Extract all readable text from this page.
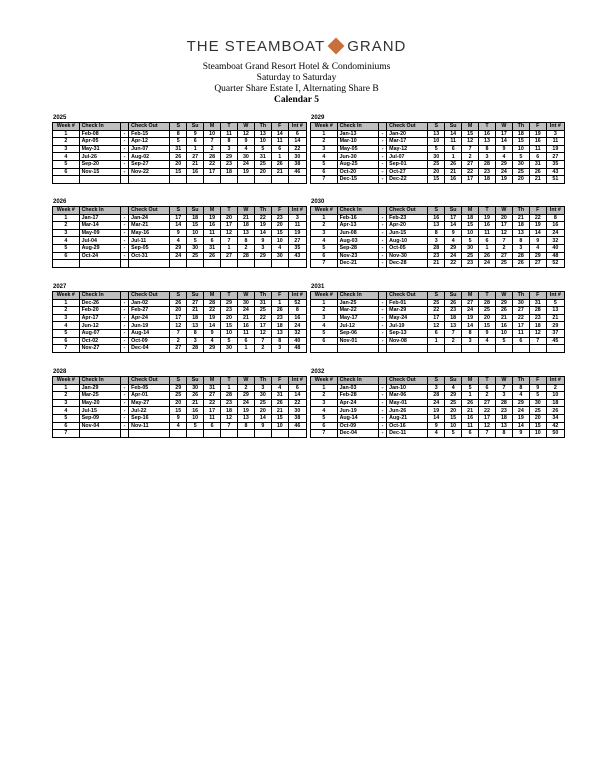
THE STEAMBOAT GRAND
Steamboat Grand Resort Hotel & Condominiums
Saturday to Saturday
Quarter Share Estate I, Alternating Share B
Calendar 5
2025
Week #	Check In		Check Out	S	Su	M	T	W	Th	F	Int #
1	Feb-08	-	Feb-15	8	9	10	11	12	13	14	6
2	Apr-05	-	Apr-12	5	6	7	8	9	10	11	14
3	May-31	-	Jun-07	31	1	2	3	4	5	6	22
4	Jul-26	-	Aug-02	26	27	28	29	30	31	1	30
5	Sep-20	-	Sep-27	20	21	22	23	24	25	26	38
6	Nov-15	-	Nov-22	15	16	17	18	19	20	21	46

2029
Week #	Check In		Check Out	S	Su	M	T	W	Th	F	Int #
1	Jan-13	-	Jan-20	13	14	15	16	17	18	19	3
2	Mar-10	-	Mar-17	10	11	12	13	14	15	16	11
3	May-05	-	May-12	5	6	7	8	9	10	11	19
4	Jun-30	-	Jul-07	30	1	2	3	4	5	6	27
5	Aug-25	-	Sep-01	25	26	27	28	29	30	31	35
6	Oct-20	-	Oct-27	20	21	22	23	24	25	26	43
7	Dec-15	-	Dec-22	15	16	17	18	19	20	21	51
2026
Week #	Check In		Check Out	S	Su	M	T	W	Th	F	Int #
1	Jan-17	-	Jan-24	17	18	19	20	21	22	23	3
2	Mar-14	-	Mar-21	14	15	16	17	18	19	20	11
3	May-09	-	May-16	9	10	11	12	13	14	15	19
4	Jul-04	-	Jul-11	4	5	6	7	8	9	10	27
5	Aug-29	-	Sep-05	29	30	31	1	2	3	4	35
6	Oct-24	-	Oct-31	24	25	26	27	28	29	30	43

2030
Week #	Check In		Check Out	S	Su	M	T	W	Th	F	Int #
1	Feb-16	-	Feb-23	16	17	18	19	20	21	22	8
2	Apr-13	-	Apr-20	13	14	15	16	17	18	19	16
3	Jun-08	-	Jun-15	8	9	10	11	12	13	14	24
4	Aug-03	-	Aug-10	3	4	5	6	7	8	9	32
5	Sep-28	-	Oct-05	28	29	30	1	2	3	4	40
6	Nov-23	-	Nov-30	23	24	25	26	27	28	29	48
7	Dec-21	-	Dec-28	21	22	23	24	25	26	27	52
2027
Week #	Check In		Check Out	S	Su	M	T	W	Th	F	Int #
1	Dec-26	-	Jan-02	26	27	28	29	30	31	1	52
2	Feb-20	-	Feb-27	20	21	22	23	24	25	26	8
3	Apr-17	-	Apr-24	17	18	19	20	21	22	23	16
4	Jun-12	-	Jun-19	12	13	14	15	16	17	18	24
5	Aug-07	-	Aug-14	7	8	9	10	11	12	13	32
6	Oct-02	-	Oct-09	2	3	4	5	6	7	8	40
7	Nov-27	-	Dec-04	27	28	29	30	1	2	3	48
2031
Week #	Check In		Check Out	S	Su	M	T	W	Th	F	Int #
1	Jan-25	-	Feb-01	25	26	27	28	29	30	31	5
2	Mar-22	-	Mar-29	22	23	24	25	26	27	28	13
3	May-17	-	May-24	17	18	19	20	21	22	23	21
4	Jul-12	-	Jul-19	12	13	14	15	16	17	18	29
5	Sep-06	-	Sep-13	6	7	8	9	10	11	12	37
6	Nov-01	-	Nov-08	1	2	3	4	5	6	7	45

2028
Week #	Check In		Check Out	S	Su	M	T	W	Th	F	Int #
1	Jan-29	-	Feb-05	29	30	31	1	2	3	4	6
2	Mar-25	-	Apr-01	25	26	27	28	29	30	31	14
3	May-20	-	May-27	20	21	22	23	24	25	26	22
4	Jul-15	-	Jul-22	15	16	17	18	19	20	21	30
5	Sep-09	-	Sep-16	9	10	11	12	13	14	15	38
6	Nov-04	-	Nov-11	4	5	6	7	8	9	10	46
7											
2032
Week #	Check In		Check Out	S	Su	M	T	W	Th	F	Int #
1	Jan-03	-	Jan-10	3	4	5	6	7	8	9	2
2	Feb-28	-	Mar-06	28	29	1	2	3	4	5	10
3	Apr-24	-	May-01	24	25	26	27	28	29	30	18
4	Jun-19	-	Jun-26	19	20	21	22	23	24	25	26
5	Aug-14	-	Aug-21	14	15	16	17	18	19	20	34
6	Oct-09	-	Oct-16	9	10	11	12	13	14	15	42
7	Dec-04	-	Dec-11	4	5	6	7	8	9	10	50
